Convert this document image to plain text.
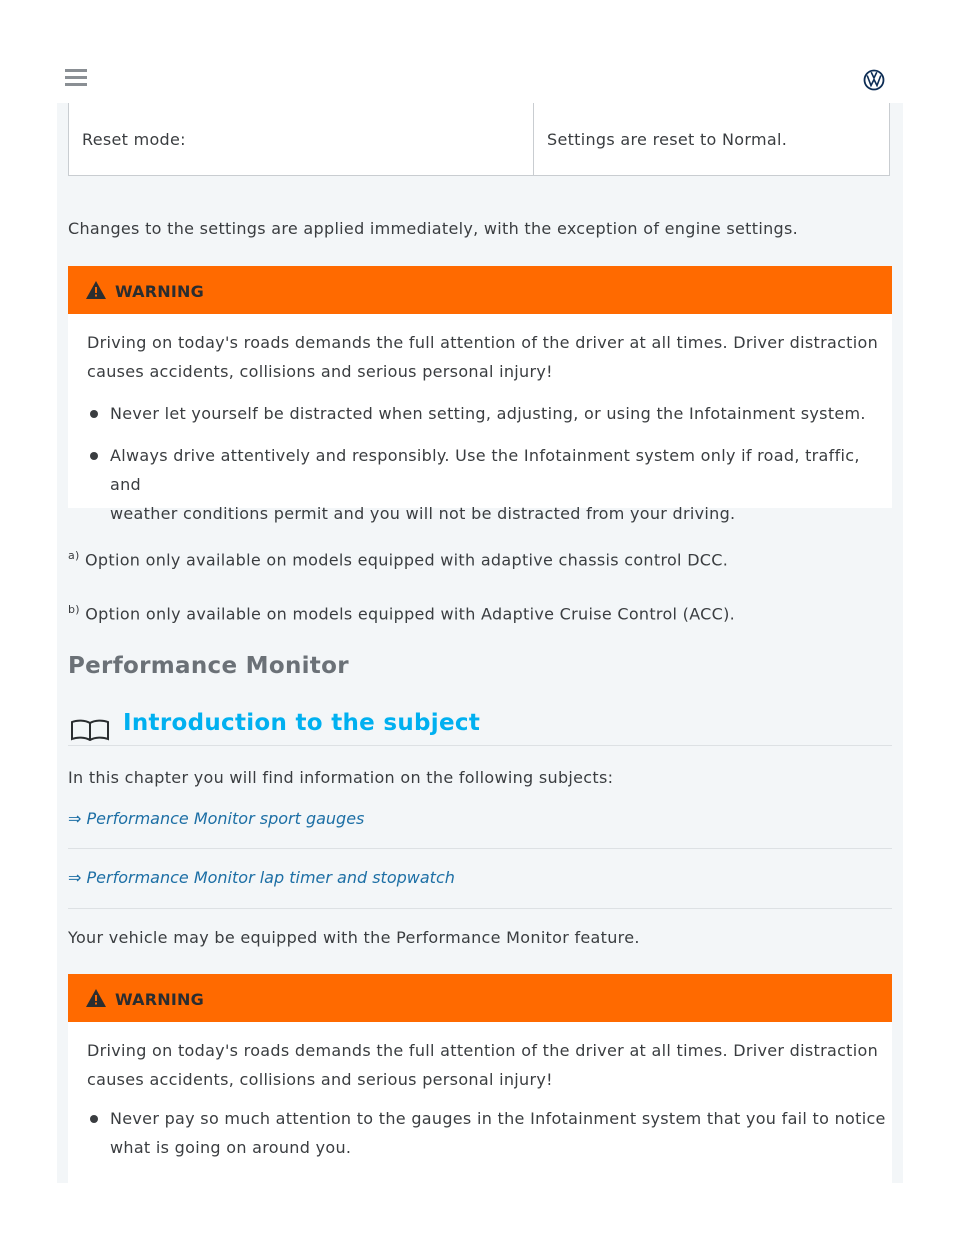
Reset mode:	Settings are reset to Normal.
Changes to the settings are applied immediately, with the exception of engine settings.
WARNING
Driving on today's roads demands the full attention of the driver at all times. Driver distraction
causes accidents, collisions and serious personal injury!
Never let yourself be distracted when setting, adjusting, or using the Infotainment system.
Always drive attentively and responsibly. Use the Infotainment system only if road, traffic, and
weather conditions permit and you will not be distracted from your driving.
$^{a)}$ Option only available on models equipped with adaptive chassis control DCC.
$^{b)}$ Option only available on models equipped with Adaptive Cruise Control (ACC).
Performance Monitor
Introduction to the subject
In this chapter you will find information on the following subjects:
⇒ Performance Monitor sport gauges
⇒ Performance Monitor lap timer and stopwatch
Your vehicle may be equipped with the Performance Monitor feature.
WARNING
Driving on today's roads demands the full attention of the driver at all times. Driver distraction
causes accidents, collisions and serious personal injury!
Never pay so much attention to the gauges in the Infotainment system that you fail to notice
what is going on around you.
